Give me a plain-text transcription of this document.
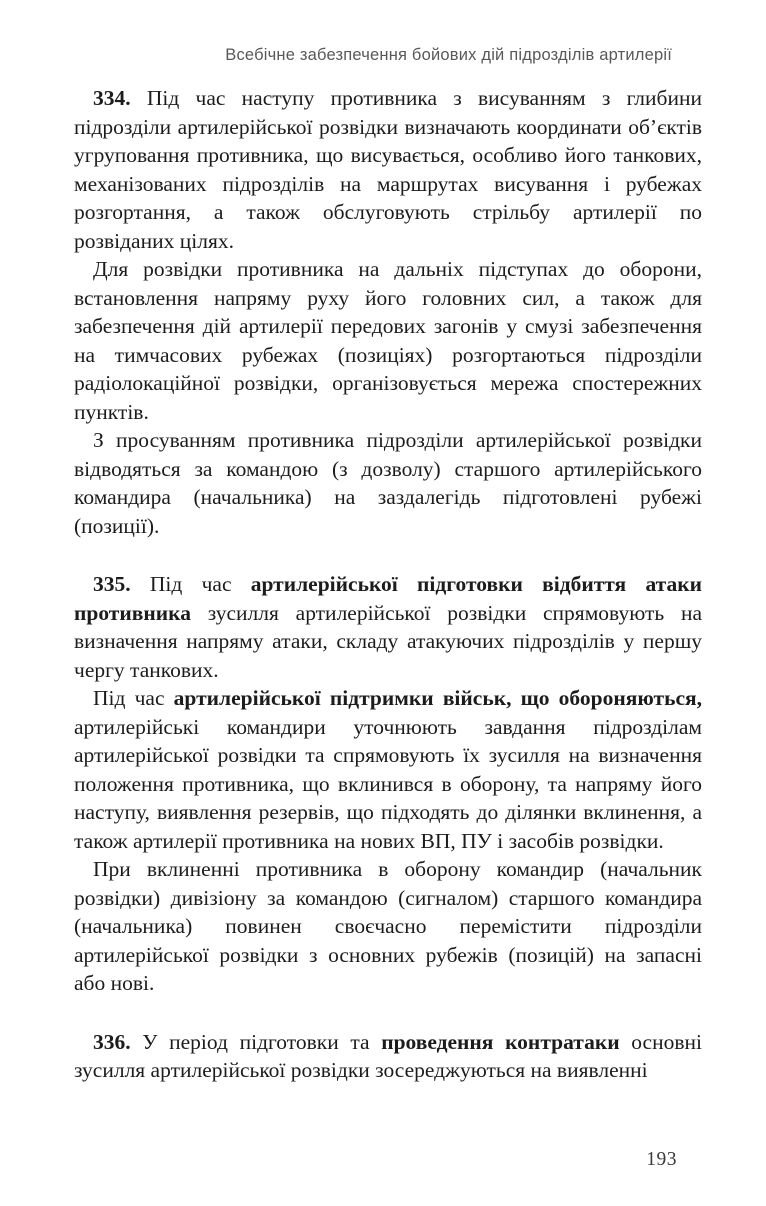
Всебічне забезпечення бойових дій підрозділів артилерії

334. Під час наступу противника з висуванням з глибини підрозділи артилерійської розвідки визначають координати об’єктів угруповання противника, що висувається, особливо його танкових, механізованих підрозділів на маршрутах висування і рубежах розгортання, а також обслуговують стрільбу артилерії по розвіданих цілях.

Для розвідки противника на дальніх підступах до оборони, встановлення напряму руху його головних сил, а також для забезпечення дій артилерії передових загонів у смузі забезпечення на тимчасових рубежах (позиціях) розгортаються підрозділи радіолокаційної розвідки, організовується мережа спостережних пунктів.

З просуванням противника підрозділи артилерійської розвідки відводяться за командою (з дозволу) старшого артилерійського командира (начальника) на заздалегідь підготовлені рубежі (позиції).

335. Під час артилерійської підготовки відбиття атаки противника зусилля артилерійської розвідки спрямовують на визначення напряму атаки, складу атакуючих підрозділів у першу чергу танкових.

Під час артилерійської підтримки військ, що обороняються, артилерійські командири уточнюють завдання підрозділам артилерійської розвідки та спрямовують їх зусилля на визначення положення противника, що вклинився в оборону, та напряму його наступу, виявлення резервів, що підходять до ділянки вклинення, а також артилерії противника на нових ВП, ПУ і засобів розвідки.

При вклиненні противника в оборону командир (начальник розвідки) дивізіону за командою (сигналом) старшого командира (начальника) повинен своєчасно перемістити підрозділи артилерійської розвідки з основних рубежів (позицій) на запасні або нові.

336. У період підготовки та проведення контратаки основні зусилля артилерійської розвідки зосереджуються на виявленні

193
